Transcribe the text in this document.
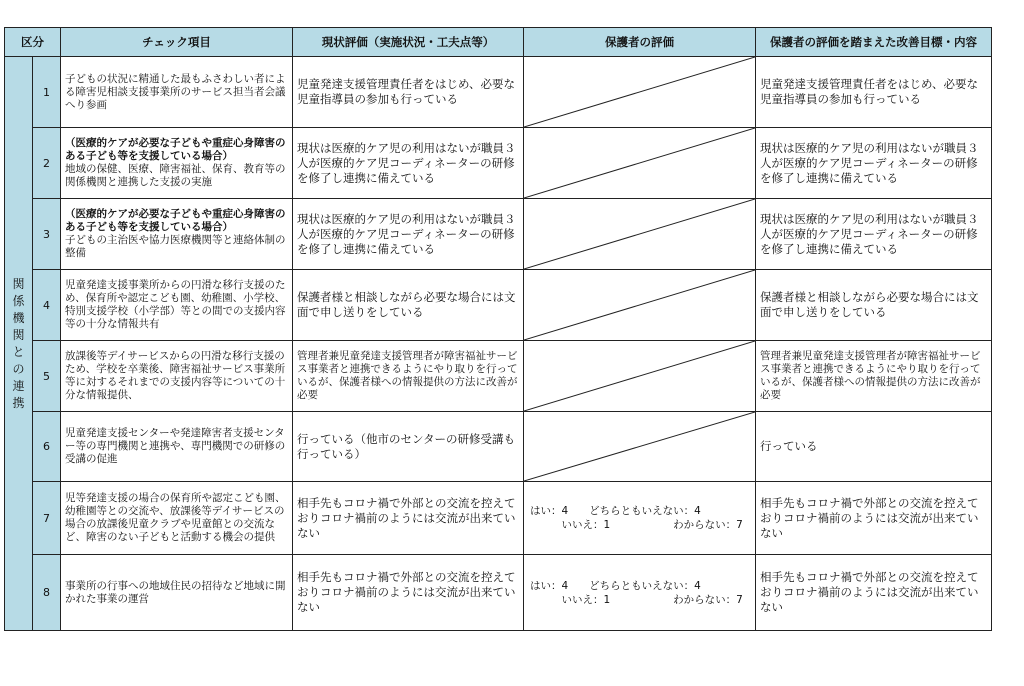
区分		チェック項目	現状評価（実施状況・工夫点等）	保護者の評価	保護者の評価を踏まえた改善目標・内容
関係機関との連携	1	子どもの状況に精通した最もふさわしい者による障害児相談支援事業所のサービス担当者会議へり参画	児童発達支援管理責任者をはじめ、必要な児童指導員の参加も行っている		児童発達支援管理責任者をはじめ、必要な児童指導員の参加も行っている
	2	（医療的ケアが必要な子どもや重症心身障害のある子ども等を支援している場合）
地域の保健、医療、障害福祉、保育、教育等の関係機関と連携した支援の実施	現状は医療的ケア児の利用はないが職員３人が医療的ケア児コーディネーターの研修を修了し連携に備えている		現状は医療的ケア児の利用はないが職員３人が医療的ケア児コーディネーターの研修を修了し連携に備えている
	3	（医療的ケアが必要な子どもや重症心身障害のある子ども等を支援している場合）
子どもの主治医や協力医療機関等と連絡体制の整備	現状は医療的ケア児の利用はないが職員３人が医療的ケア児コーディネーターの研修を修了し連携に備えている		現状は医療的ケア児の利用はないが職員３人が医療的ケア児コーディネーターの研修を修了し連携に備えている
	4	児童発達支援事業所からの円滑な移行支援のため、保育所や認定こども園、幼稚園、小学校、特別支援学校（小学部）等との間での支援内容等の十分な情報共有	保護者様と相談しながら必要な場合には文面で申し送りをしている		保護者様と相談しながら必要な場合には文面で申し送りをしている
	5	放課後等デイサービスからの円滑な移行支援のため、学校を卒業後、障害福祉サービス事業所等に対するそれまでの支援内容等についての十分な情報提供、	管理者兼児童発達支援管理者が障害福祉サービス事業者と連携できるようにやり取りを行っているが、保護者様への情報提供の方法に改善が必要		管理者兼児童発達支援管理者が障害福祉サービス事業者と連携できるようにやり取りを行っているが、保護者様への情報提供の方法に改善が必要
	6	児童発達支援センターや発達障害者支援センター等の専門機関と連携や、専門機関での研修の受講の促進	行っている（他市のセンターの研修受講も行っている）		行っている
	7	児等発達支援の場合の保育所や認定こども園、幼稚園等との交流や、放課後等デイサービスの場合の放課後児童クラブや児童館との交流など、障害のない子どもと活動する機会の提供	相手先もコロナ禍で外部との交流を控えておりコロナ禍前のようには交流が出来ていない	はい：4　　どちらともいえない：4
　　　いいえ：1　　　　　　わからない：7	相手先もコロナ禍で外部との交流を控えておりコロナ禍前のようには交流が出来ていない
	8	事業所の行事への地域住民の招待など地域に開かれた事業の運営	相手先もコロナ禍で外部との交流を控えておりコロナ禍前のようには交流が出来ていない	はい：4　　どちらともいえない：4
　　　いいえ：1　　　　　　わからない：7	相手先もコロナ禍で外部との交流を控えておりコロナ禍前のようには交流が出来ていない
